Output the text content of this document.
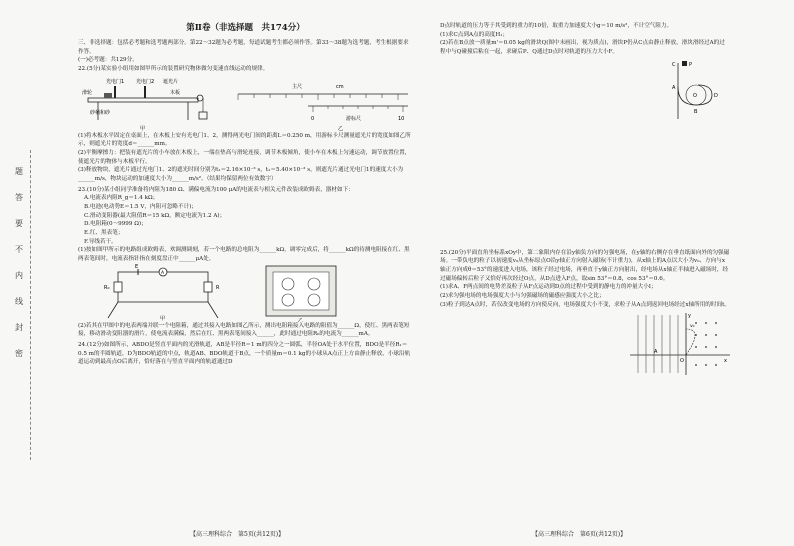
题
答
要
不
内
线
封
密
第Ⅱ卷（非选择题　共174分）

三、非选择题：包括必考题和选考题两部分。第22～32题为必考题，每道试题考生都必须作答。第33～38题为选考题，考生根据要求作答。

(一)必考题：共129分。

22.(5分)某实验小组用如图甲所示的装置研究物体做匀变速直线运动的规律。

光电门1 光电门2 遮光片
滑轮	木板
砂桶和砂
甲
主尺	cm
游标尺
0	10
乙

(1)将木板水平固定在桌面上，在木板上安有光电门1、2，测得两光电门间的距离L＝0.250 m，用游标卡尺测量遮光片的宽度如图乙所示，则遮光片的宽度d＝______mm。

(2)平衡摩擦力：把装有遮光片的小车放在木板上，一端在垫高与滑轮连接，调节木板倾角，使小车在木板上匀速运动，调节放置位置，使遮光片的物体与木板平行。

(3)释放物块，遮光片通过光电门1、2的遮光时间分别为t₁＝2.16×10⁻³ s，t₂＝5.40×10⁻³ s，则遮光片通过光电门1的速度大小为______m/s，物块运动的加速度大小为______m/s²。（结果均保留两位有效数字）

23.(10分)某小组同学准备将内阻为180 Ω、满偏电流为100 μA的电流表与相关元件改装成欧姆表，器材如下：

A.电流表内阻R_g＝1.4 kΩ；

B.电池(电动势E＝1.5 V，内阻可忽略不计)；

C.滑动变阻器(最大阻值R＝15 kΩ，额定电流为1.2 A)；

D.电阻箱(0～9999 Ω)；

E.红、黑表笔；

F.导线若干。

(1)按如图甲所示的电路组成欧姆表，欢调测调刻，若一个电路的总电阻为______kΩ，调零完成后，将______kΩ的待测电阻接在红、黑两表笔间时，电流表指针指在刻度盘正中______μA处。

E
A
R₀	R
甲	乙

(2)若其在甲图中的电表两端并联一个电阻箱，通过其接入电路如图乙所示，测出电阻箱接入电路的阻值为______Ω，使红、黑两表笔短接，移动滑动变阻器的滑片，使电流表满偏，然后在红、黑两表笔间接入______，此时通过电阻R₀的电流为______mA。

24.(12分)如图所示，ABDO是竖直平面内的光滑轨道，AB是半径R＝1 m的四分之一圆弧，半径OA处于水平位置，BDO是半径R₁＝0.5 m的半圆轨道，D为BDO轨道的中点，轨道AB、BDO轨道于B点，一个质量m＝0.1 kg的小球从A点正上方由静止释放，小球沿轨道运动到最高点O后离开，恰好落在与竖直平面内的轨道通过D

【高三理科综合　第5页(共12页)】

D点时轨道的压力等于其受到的重力的10倍，取重力加速度大小g＝10 m/s²，不计空气阻力。

(1)求C点到A点的高度H₁；

(2)若在B点放一质量m'＝0.05 kg的滑块Q(图中未画出，视为质点)，滑块P仍从C点由静止释放，滑块滑经过A的过程中与Q碰撞后粘在一起，求碰后P、Q通过D点时对轨道的压力大小F。

C	P
O
A
D
B

25.(20分)平面直角坐标系xOy中，第二象限内存在沿y轴负方向的匀强电场，在y轴的右侧存在垂直纸面向外的匀强磁场。一带负电的粒子以初速度v₀从坐标原点O沿y轴正方向射入磁场(不计重力)，从x轴上的A点以大小为v₀、方向与x轴正方向成θ＝53°的速度进入电场，该粒子经过电场，再垂直于y轴正方向射出，经电场从x轴正半轴进入磁场时，经过磁场偏转后粒子又恰好再次经过O点，从D点进入F点，取sin 53°＝0.8，cos 53°＝0.6。

(1)求A、F两点间的电势差及粒子从F点运动到D点的过程中受到的静电力的冲量大小I；

(2)求匀强电场的电场强度大小与匀强磁场的磁感应强度大小之比；

(3)粒子到达A点时，若仅改变电场的方向使反向，电场强度大小不变，求粒子从A点到返回电场经过x轴所用的时间t。

y
v₀
A
O	x
【高三理科综合　第6页(共12页)】
